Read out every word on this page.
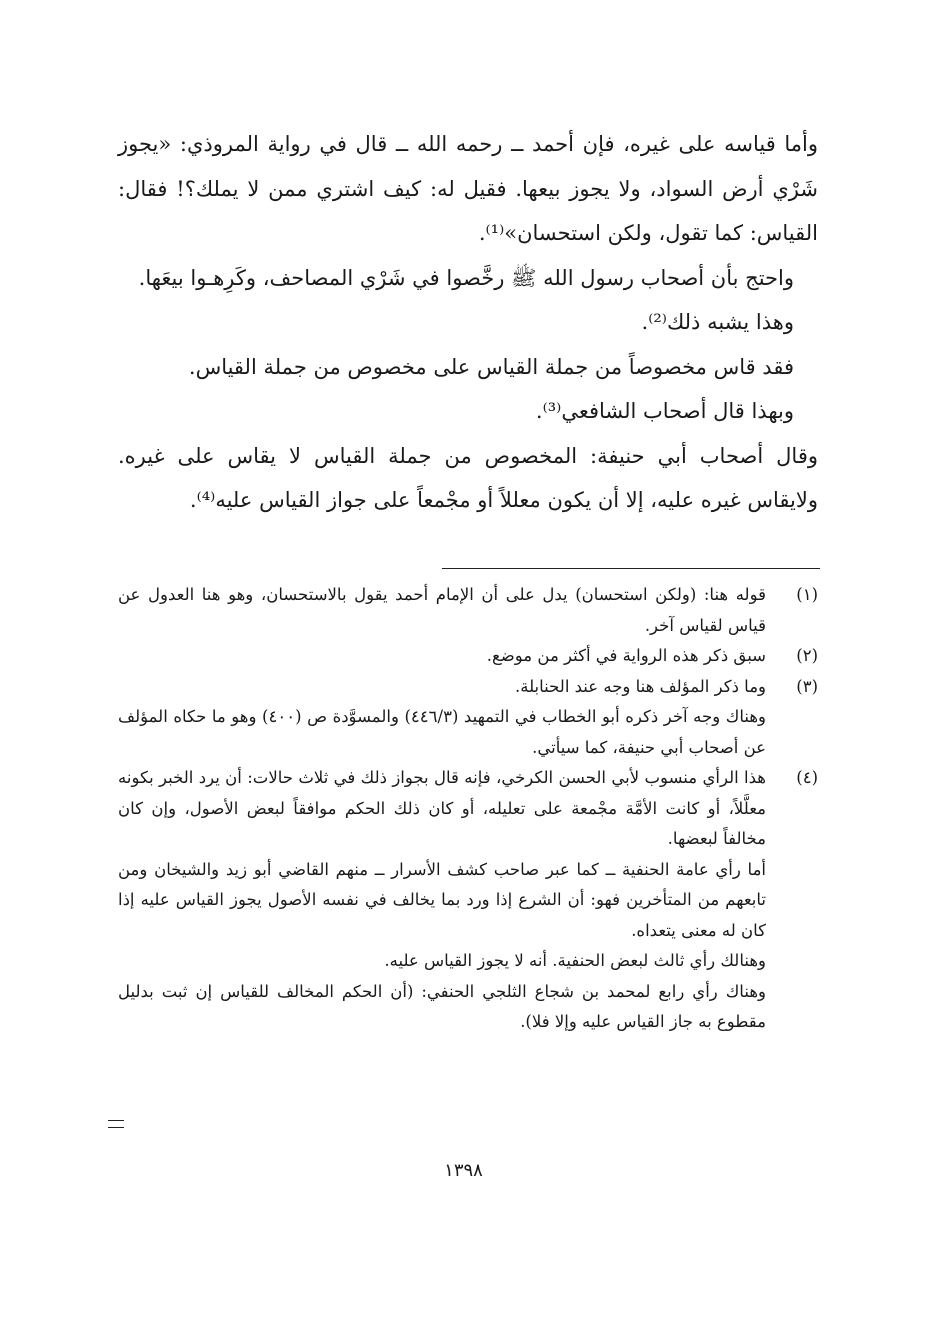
وأما قياسه على غيره، فإن أحمد ــ رحمه الله ــ قال في رواية المروذي: «يجوز شَرْي أرض السواد، ولا يجوز بيعها. فقيل له: كيف اشتري ممن لا يملك؟! فقال: القياس: كما تقول، ولكن استحسان»⁽¹⁾.

واحتج بأن أصحاب رسول الله ﷺ رخَّصوا في شَرْي المصاحف، وكَرِهـوا بيعَها.

وهذا يشبه ذلك⁽²⁾.

فقد قاس مخصوصاً من جملة القياس على مخصوص من جملة القياس.

وبهذا قال أصحاب الشافعي⁽³⁾.

وقال أصحاب أبي حنيفة: المخصوص من جملة القياس لا يقاس على غيره. ولايقاس غيره عليه، إلا أن يكون معللاً أو مجْمعاً على جواز القياس عليه⁽⁴⁾.

(١)

قوله هنا: (ولكن استحسان) يدل على أن الإمام أحمد يقول بالاستحسان، وهو هنا العدول عن قياس لقياس آخر.

(٢)

سبق ذكر هذه الرواية في أكثر من موضع.

(٣)

وما ذكر المؤلف هنا وجه عند الحنابلة.

وهناك وجه آخر ذكره أبو الخطاب في التمهيد (٤٤٦/٣) والمسوَّدة ص (٤٠٠) وهو ما حكاه المؤلف عن أصحاب أبي حنيفة، كما سيأتي.

(٤)

هذا الرأي منسوب لأبي الحسن الكرخي، فإنه قال بجواز ذلك في ثلاث حالات: أن يرد الخبر بكونه معلَّلاً، أو كانت الأمَّة مجْمعة على تعليله، أو كان ذلك الحكم موافقاً لبعض الأصول، وإن كان مخالفاً لبعضها.

أما رأي عامة الحنفية ــ كما عبر صاحب كشف الأسرار ــ منهم القاضي أبو زيد والشيخان ومن تابعهم من المتأخرين فهو: أن الشرع إذا ورد بما يخالف في نفسه الأصول يجوز القياس عليه إذا كان له معنى يتعداه.

وهنالك رأي ثالث لبعض الحنفية. أنه لا يجوز القياس عليه.

وهناك رأي رابع لمحمد بن شجاع الثلجي الحنفي: (أن الحكم المخالف للقياس إن ثبت بدليل مقطوع به جاز القياس عليه وإلا فلا).

١٣٩٨
